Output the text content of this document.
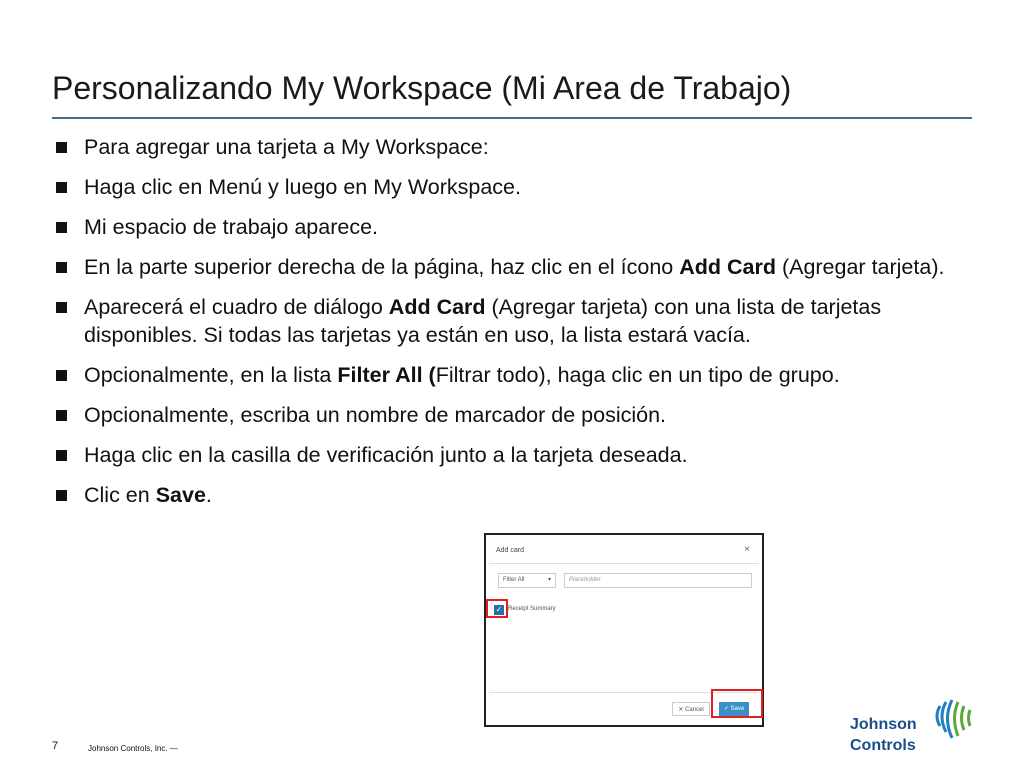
Personalizando My Workspace (Mi Area de Trabajo)
Para agregar una tarjeta a My Workspace:
Haga clic en Menú y luego en My Workspace.
Mi espacio de trabajo aparece.
En la parte superior derecha de la página, haz clic en el ícono Add Card (Agregar tarjeta).
Aparecerá el cuadro de diálogo Add Card (Agregar tarjeta) con una lista de tarjetas disponibles. Si todas las tarjetas ya están en uso, la lista estará vacía.
Opcionalmente, en la lista Filter All (Filtrar todo), haga clic en un tipo de grupo.
Opcionalmente, escriba un nombre de marcador de posición.
Haga clic en la casilla de verificación junto a la tarjeta deseada.
Clic en Save.
Add card	×
Filter All	▾	Placeholder
✓ Receipt Summary
✕ Cancel	✓ Save
7	Johnson Controls, Inc. —
Johnson
Controls
